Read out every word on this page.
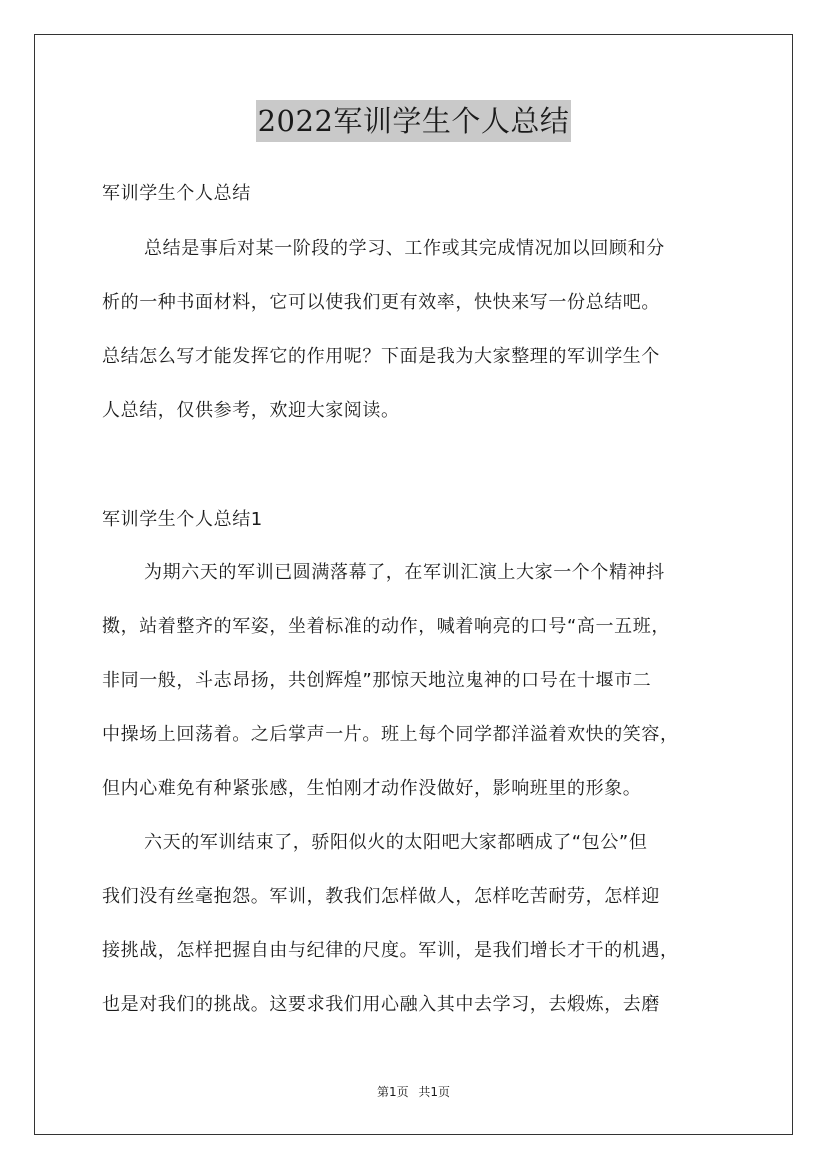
2022军训学生个人总结
军训学生个人总结
总结是事后对某一阶段的学习、工作或其完成情况加以回顾和分
析的一种书面材料，它可以使我们更有效率，快快来写一份总结吧。
总结怎么写才能发挥它的作用呢？下面是我为大家整理的军训学生个
人总结，仅供参考，欢迎大家阅读。
军训学生个人总结1
为期六天的军训已圆满落幕了，在军训汇演上大家一个个精神抖
擞，站着整齐的军姿，坐着标准的动作，喊着响亮的口号“高一五班，
非同一般，斗志昂扬，共创辉煌”那惊天地泣鬼神的口号在十堰市二
中操场上回荡着。之后掌声一片。班上每个同学都洋溢着欢快的笑容，
但内心难免有种紧张感，生怕刚才动作没做好，影响班里的形象。
六天的军训结束了，骄阳似火的太阳吧大家都晒成了“包公”但
我们没有丝毫抱怨。军训，教我们怎样做人，怎样吃苦耐劳，怎样迎
接挑战，怎样把握自由与纪律的尺度。军训，是我们增长才干的机遇，
也是对我们的挑战。这要求我们用心融入其中去学习，去煅炼，去磨
第1页 共1页
